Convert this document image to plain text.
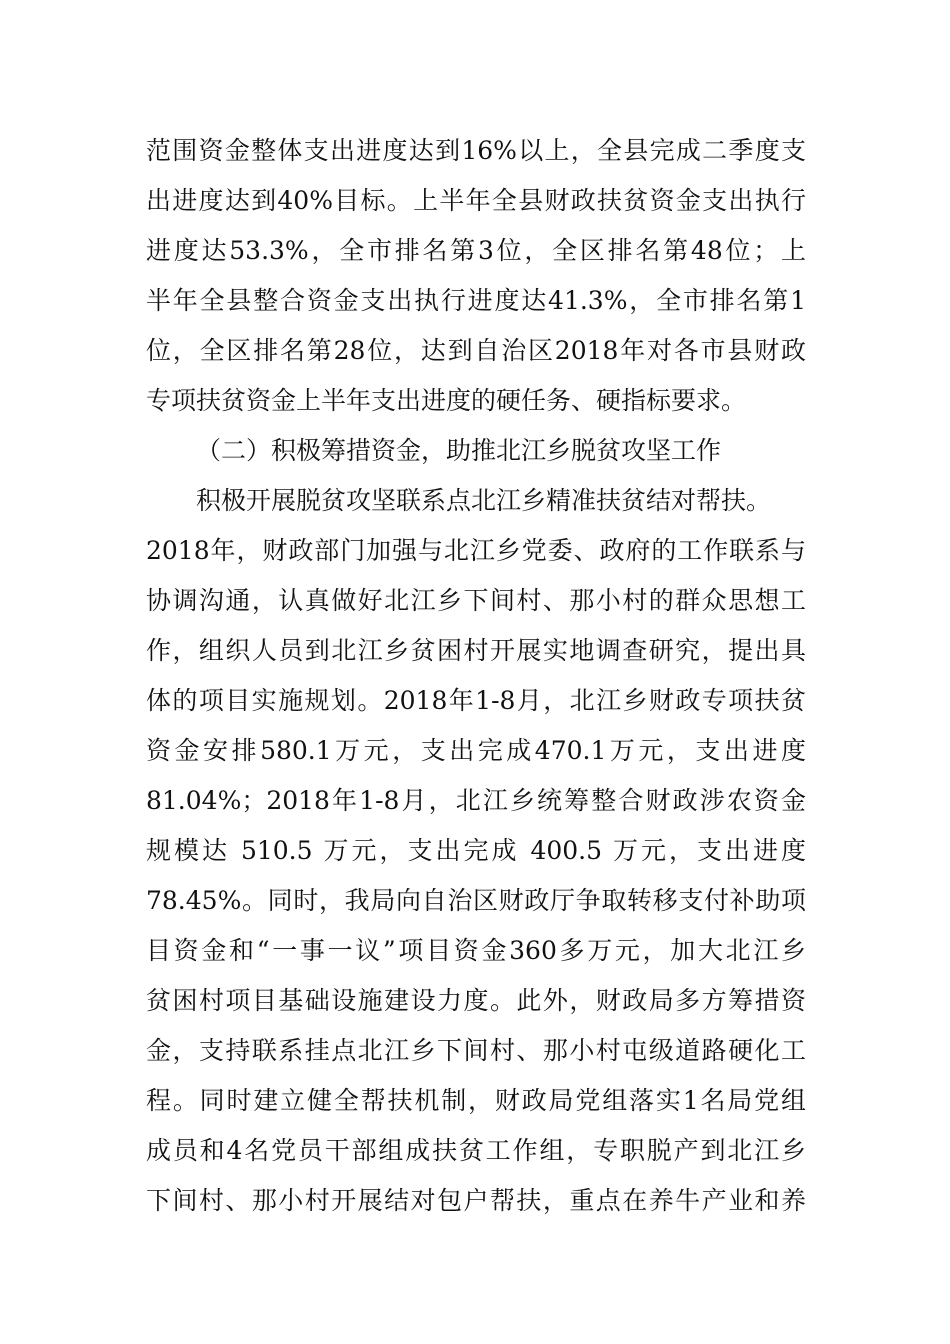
范围资金整体支出进度达到16%以上，全县完成二季度支
出进度达到40%目标。上半年全县财政扶贫资金支出执行
进度达53.3%，全市排名第3位，全区排名第48位；上
半年全县整合资金支出执行进度达41.3%，全市排名第1
位，全区排名第28位，达到自治区2018年对各市县财政
专项扶贫资金上半年支出进度的硬任务、硬指标要求。
（二）积极筹措资金，助推北江乡脱贫攻坚工作
积极开展脱贫攻坚联系点北江乡精准扶贫结对帮扶。
2018年，财政部门加强与北江乡党委、政府的工作联系与
协调沟通，认真做好北江乡下间村、那小村的群众思想工
作，组织人员到北江乡贫困村开展实地调查研究，提出具
体的项目实施规划。2018年1-8月，北江乡财政专项扶贫
资金安排580.1万元，支出完成470.1万元，支出进度
81.04%；2018年1-8月，北江乡统筹整合财政涉农资金
规模达 510.5 万元，支出完成 400.5 万元，支出进度
78.45%。同时，我局向自治区财政厅争取转移支付补助项
目资金和“一事一议”项目资金360多万元，加大北江乡
贫困村项目基础设施建设力度。此外，财政局多方筹措资
金，支持联系挂点北江乡下间村、那小村屯级道路硬化工
程。同时建立健全帮扶机制，财政局党组落实1名局党组
成员和4名党员干部组成扶贫工作组，专职脱产到北江乡
下间村、那小村开展结对包户帮扶，重点在养牛产业和养
